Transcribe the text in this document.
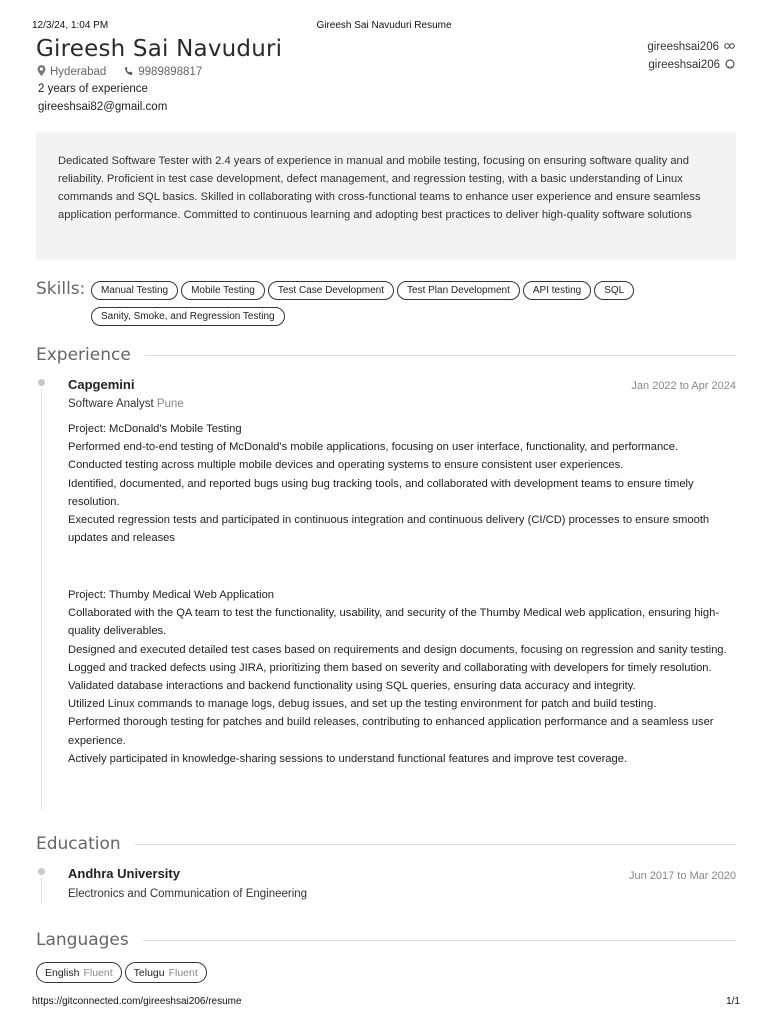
12/3/24, 1:04 PM	Gireesh Sai Navuduri Resume
Gireesh Sai Navuduri
Hyderabad	9989898817
2 years of experience
gireeshsai82@gmail.com
gireeshsai206
gireeshsai206
Dedicated Software Tester with 2.4 years of experience in manual and mobile testing, focusing on ensuring software quality and reliability. Proficient in test case development, defect management, and regression testing, with a basic understanding of Linux commands and SQL basics. Skilled in collaborating with cross-functional teams to enhance user experience and ensure seamless application performance. Committed to continuous learning and adopting best practices to deliver high-quality software solutions
Skills:	Manual Testing Mobile Testing Test Case Development Test Plan Development API testing SQL
Sanity, Smoke, and Regression Testing
Experience
Capgemini	Jan 2022 to Apr 2024
Software Analyst Pune
Project: McDonald's Mobile Testing
Performed end-to-end testing of McDonald's mobile applications, focusing on user interface, functionality, and performance.
Conducted testing across multiple mobile devices and operating systems to ensure consistent user experiences.
Identified, documented, and reported bugs using bug tracking tools, and collaborated with development teams to ensure timely resolution.
Executed regression tests and participated in continuous integration and continuous delivery (CI/CD) processes to ensure smooth updates and releases
Project: Thumby Medical Web Application
Collaborated with the QA team to test the functionality, usability, and security of the Thumby Medical web application, ensuring high-quality deliverables.
Designed and executed detailed test cases based on requirements and design documents, focusing on regression and sanity testing.
Logged and tracked defects using JIRA, prioritizing them based on severity and collaborating with developers for timely resolution.
Validated database interactions and backend functionality using SQL queries, ensuring data accuracy and integrity.
Utilized Linux commands to manage logs, debug issues, and set up the testing environment for patch and build testing.
Performed thorough testing for patches and build releases, contributing to enhanced application performance and a seamless user experience.
Actively participated in knowledge-sharing sessions to understand functional features and improve test coverage.
Education
Andhra University	Jun 2017 to Mar 2020
Electronics and Communication of Engineering
Languages
English Fluent Telugu Fluent
https://gitconnected.com/gireeshsai206/resume	1/1
